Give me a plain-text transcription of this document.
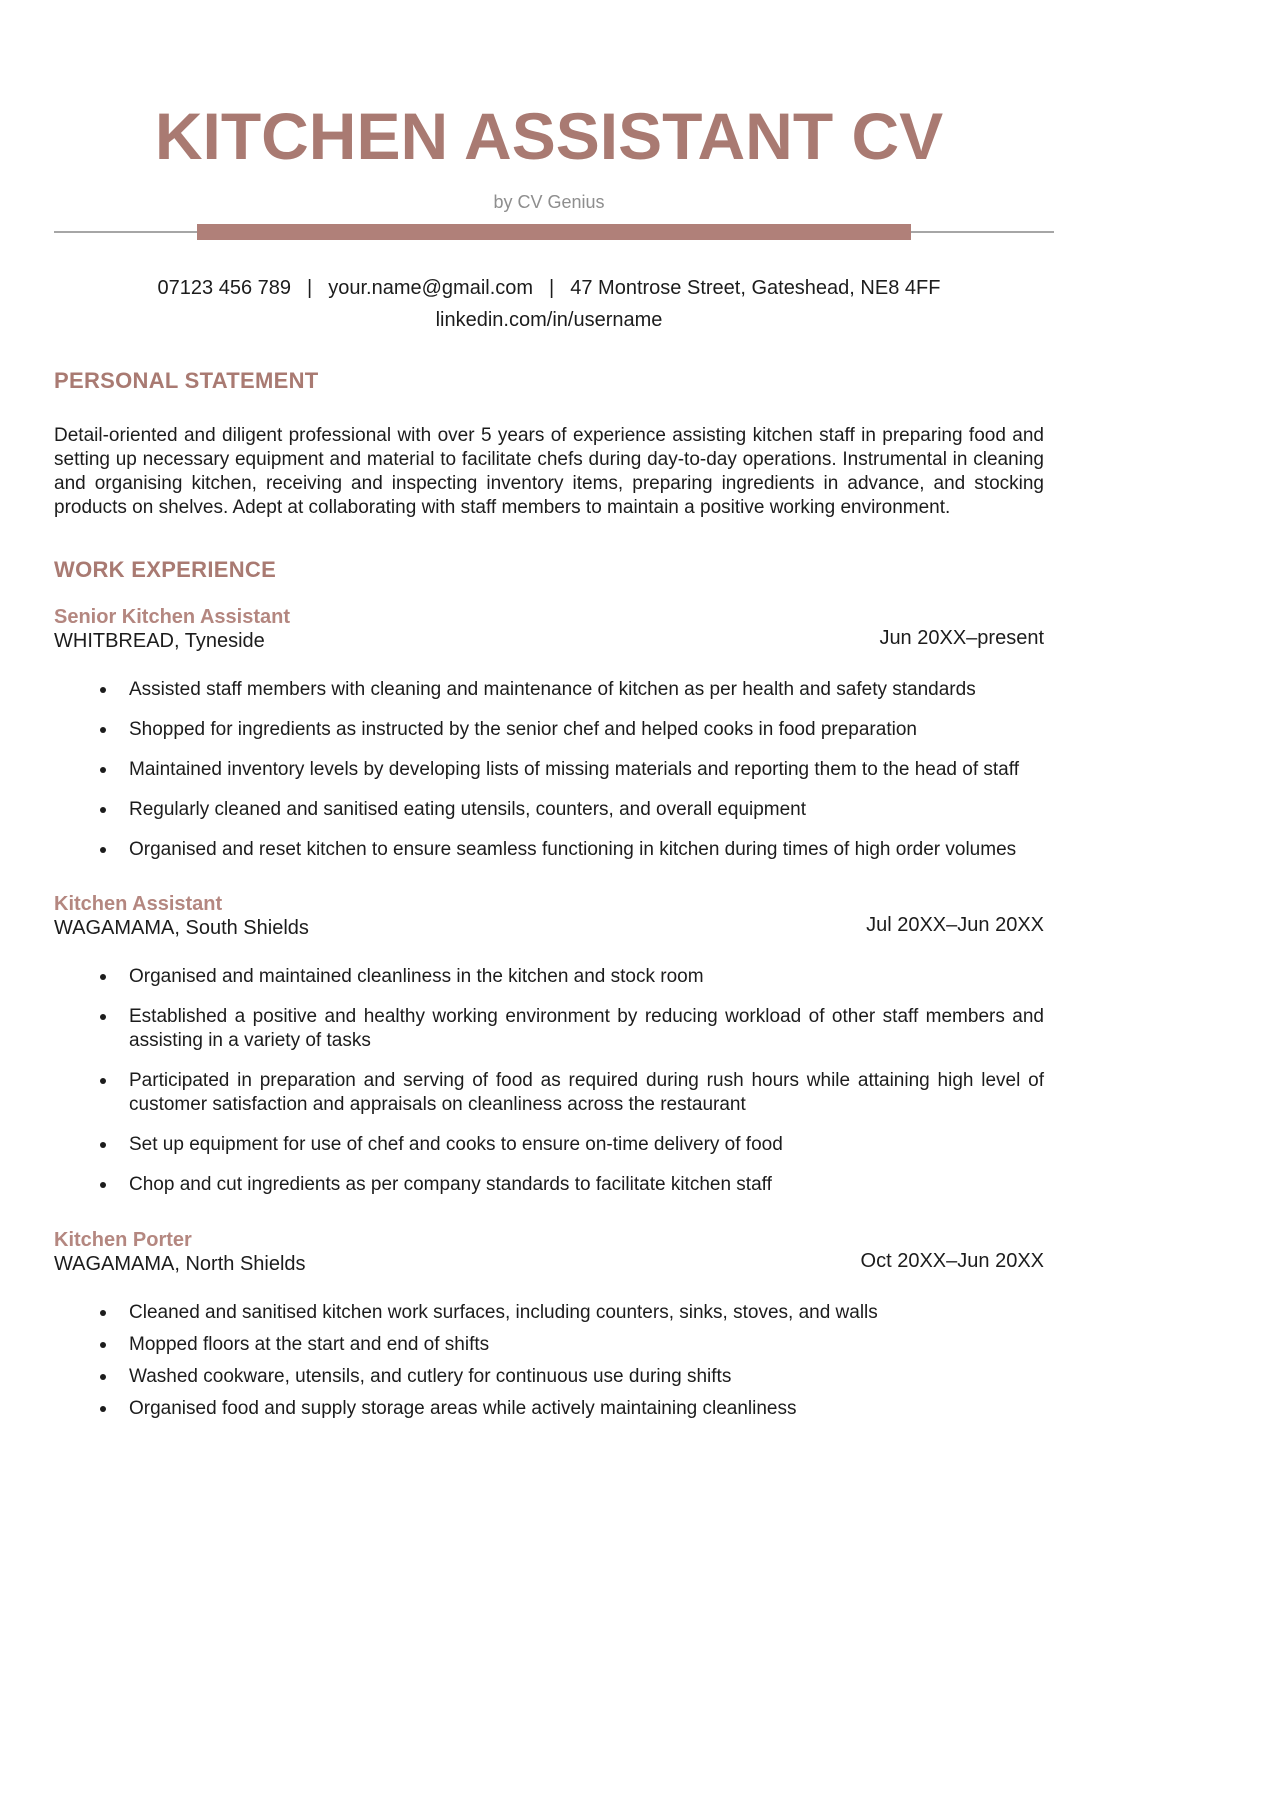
KITCHEN ASSISTANT CV
by CV Genius
07123 456 789 | your.name@gmail.com | 47 Montrose Street, Gateshead, NE8 4FF
linkedin.com/in/username
PERSONAL STATEMENT

Detail-oriented and diligent professional with over 5 years of experience assisting kitchen staff in preparing food and setting up necessary equipment and material to facilitate chefs during day-to-day operations. Instrumental in cleaning and organising kitchen, receiving and inspecting inventory items, preparing ingredients in advance, and stocking products on shelves. Adept at collaborating with staff members to maintain a positive working environment.

WORK EXPERIENCE
Senior Kitchen Assistant
WHITBREAD, Tyneside	Jun 20XX–present
Assisted staff members with cleaning and maintenance of kitchen as per health and safety standards
Shopped for ingredients as instructed by the senior chef and helped cooks in food preparation
Maintained inventory levels by developing lists of missing materials and reporting them to the head of staff
Regularly cleaned and sanitised eating utensils, counters, and overall equipment
Organised and reset kitchen to ensure seamless functioning in kitchen during times of high order volumes
Kitchen Assistant
WAGAMAMA, South Shields	Jul 20XX–Jun 20XX
Organised and maintained cleanliness in the kitchen and stock room
Established a positive and healthy working environment by reducing workload of other staff members and assisting in a variety of tasks
Participated in preparation and serving of food as required during rush hours while attaining high level of customer satisfaction and appraisals on cleanliness across the restaurant
Set up equipment for use of chef and cooks to ensure on-time delivery of food
Chop and cut ingredients as per company standards to facilitate kitchen staff
Kitchen Porter
WAGAMAMA, North Shields	Oct 20XX–Jun 20XX
Cleaned and sanitised kitchen work surfaces, including counters, sinks, stoves, and walls
Mopped floors at the start and end of shifts
Washed cookware, utensils, and cutlery for continuous use during shifts
Organised food and supply storage areas while actively maintaining cleanliness
